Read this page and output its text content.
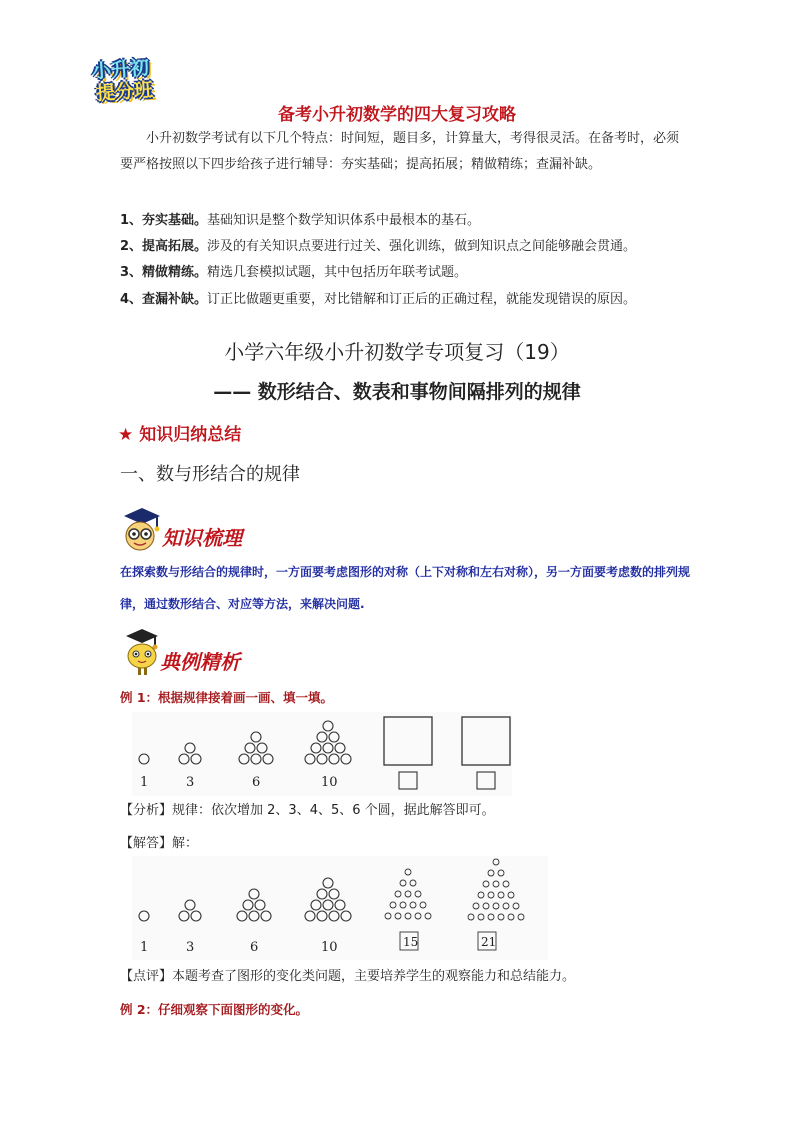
小升初
提分班
备考小升初数学的四大复习攻略
小升初数学考试有以下几个特点：时间短，题目多，计算量大，考得很灵活。在备考时，必须要严格按照以下四步给孩子进行辅导：夯实基础；提高拓展；精做精练；查漏补缺。
1、夯实基础。基础知识是整个数学知识体系中最根本的基石。
2、提高拓展。涉及的有关知识点要进行过关、强化训练，做到知识点之间能够融会贯通。
3、精做精练。精选几套模拟试题，其中包括历年联考试题。
4、查漏补缺。订正比做题更重要，对比错解和订正后的正确过程，就能发现错误的原因。
小学六年级小升初数学专项复习（19）
—— 数形结合、数表和事物间隔排列的规律
★ 知识归纳总结
一、数与形结合的规律
知识梳理
在探索数与形结合的规律时，一方面要考虑图形的对称（上下对称和左右对称），另一方面要考虑数的排列规律，通过数形结合、对应等方法，来解决问题.
典例精析
例 1：根据规律接着画一画、填一填。
1	3	6	10
【分析】规律：依次增加 2、3、4、5、6 个圆，据此解答即可。
【解答】解：
1	3	6	10	15	21
【点评】本题考查了图形的变化类问题，主要培养学生的观察能力和总结能力。
例 2：仔细观察下面图形的变化。
